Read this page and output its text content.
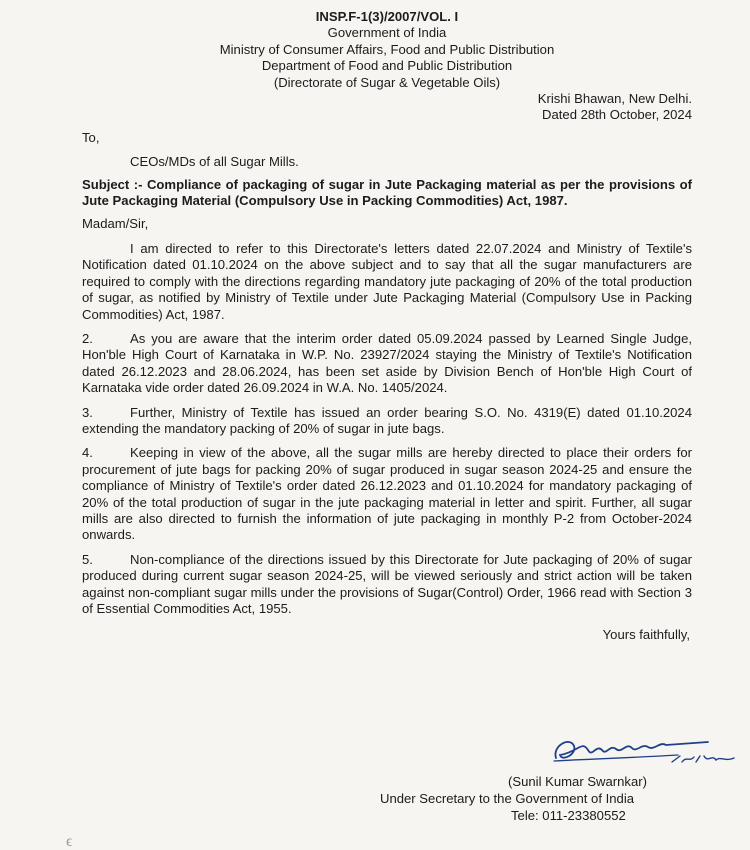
INSP.F-1(3)/2007/VOL. I
Government of India
Ministry of Consumer Affairs, Food and Public Distribution
Department of Food and Public Distribution
(Directorate of Sugar & Vegetable Oils)
Krishi Bhawan, New Delhi.
Dated 28th October, 2024
To,
CEOs/MDs of all Sugar Mills.
Subject :- Compliance of packaging of sugar in Jute Packaging material as per the provisions of Jute Packaging Material (Compulsory Use in Packing Commodities) Act, 1987.
Madam/Sir,

I am directed to refer to this Directorate's letters dated 22.07.2024 and Ministry of Textile's Notification dated 01.10.2024 on the above subject and to say that all the sugar manufacturers are required to comply with the directions regarding mandatory jute packaging of 20% of the total production of sugar, as notified by Ministry of Textile under Jute Packaging Material (Compulsory Use in Packing Commodities) Act, 1987.

2.	As you are aware that the interim order dated 05.09.2024 passed by Learned Single Judge, Hon'ble High Court of Karnataka in W.P. No. 23927/2024 staying the Ministry of Textile's Notification dated 26.12.2023 and 28.06.2024, has been set aside by Division Bench of Hon'ble High Court of Karnataka vide order dated 26.09.2024 in W.A. No. 1405/2024.

3.	Further, Ministry of Textile has issued an order bearing S.O. No. 4319(E) dated 01.10.2024 extending the mandatory packing of 20% of sugar in jute bags.

4.	Keeping in view of the above, all the sugar mills are hereby directed to place their orders for procurement of jute bags for packing 20% of sugar produced in sugar season 2024-25 and ensure the compliance of Ministry of Textile's order dated 26.12.2023 and 01.10.2024 for mandatory packaging of 20% of the total production of sugar in the jute packaging material in letter and spirit. Further, all sugar mills are also directed to furnish the information of jute packaging in monthly P-2 from October-2024 onwards.

5.	Non-compliance of the directions issued by this Directorate for Jute packaging of 20% of sugar produced during current sugar season 2024-25, will be viewed seriously and strict action will be taken against non-compliant sugar mills under the provisions of Sugar(Control) Order, 1966 read with Section 3 of Essential Commodities Act, 1955.

Yours faithfully,
(Sunil Kumar Swarnkar)
Under Secretary to the Government of India
Tele: 011-23380552
ϵ
